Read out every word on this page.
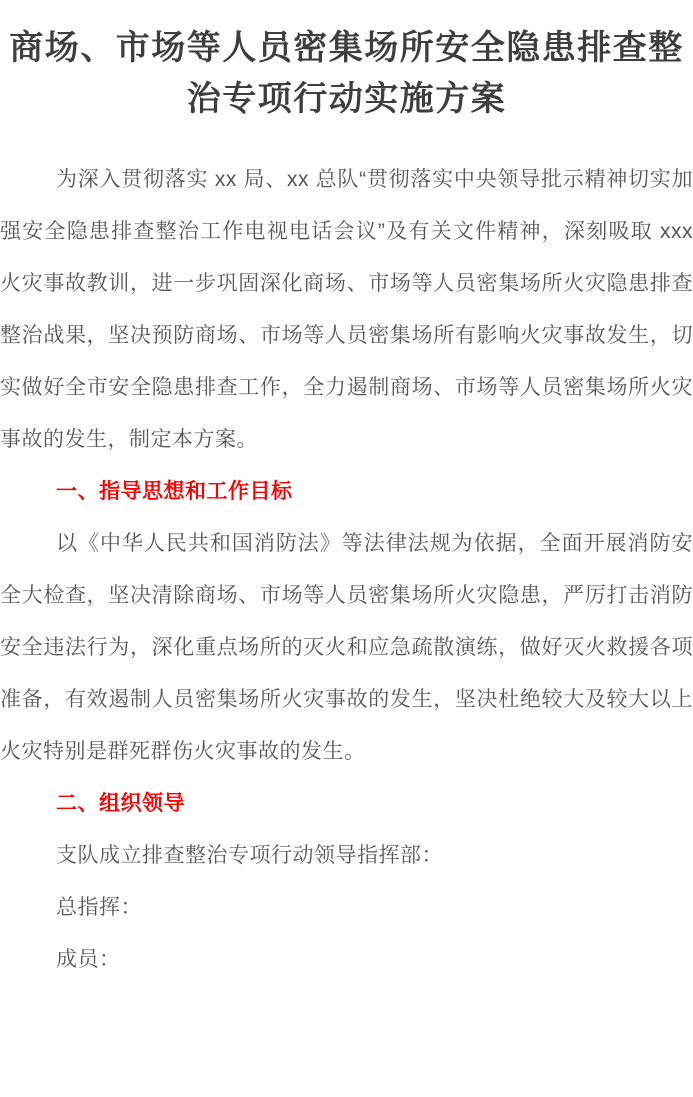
商场、市场等人员密集场所安全隐患排查整治专项行动实施方案

为深入贯彻落实 xx 局、xx 总队“贯彻落实中央领导批示精神切实加强安全隐患排查整治工作电视电话会议”及有关文件精神，深刻吸取 xxx 火灾事故教训，进一步巩固深化商场、市场等人员密集场所火灾隐患排查整治战果，坚决预防商场、市场等人员密集场所有影响火灾事故发生，切实做好全市安全隐患排查工作，全力遏制商场、市场等人员密集场所火灾事故的发生，制定本方案。

一、指导思想和工作目标

以《中华人民共和国消防法》等法律法规为依据，全面开展消防安全大检查，坚决清除商场、市场等人员密集场所火灾隐患，严厉打击消防安全违法行为，深化重点场所的灭火和应急疏散演练，做好灭火救援各项准备，有效遏制人员密集场所火灾事故的发生，坚决杜绝较大及较大以上火灾特别是群死群伤火灾事故的发生。

二、组织领导

支队成立排查整治专项行动领导指挥部：

总指挥：

成员：
